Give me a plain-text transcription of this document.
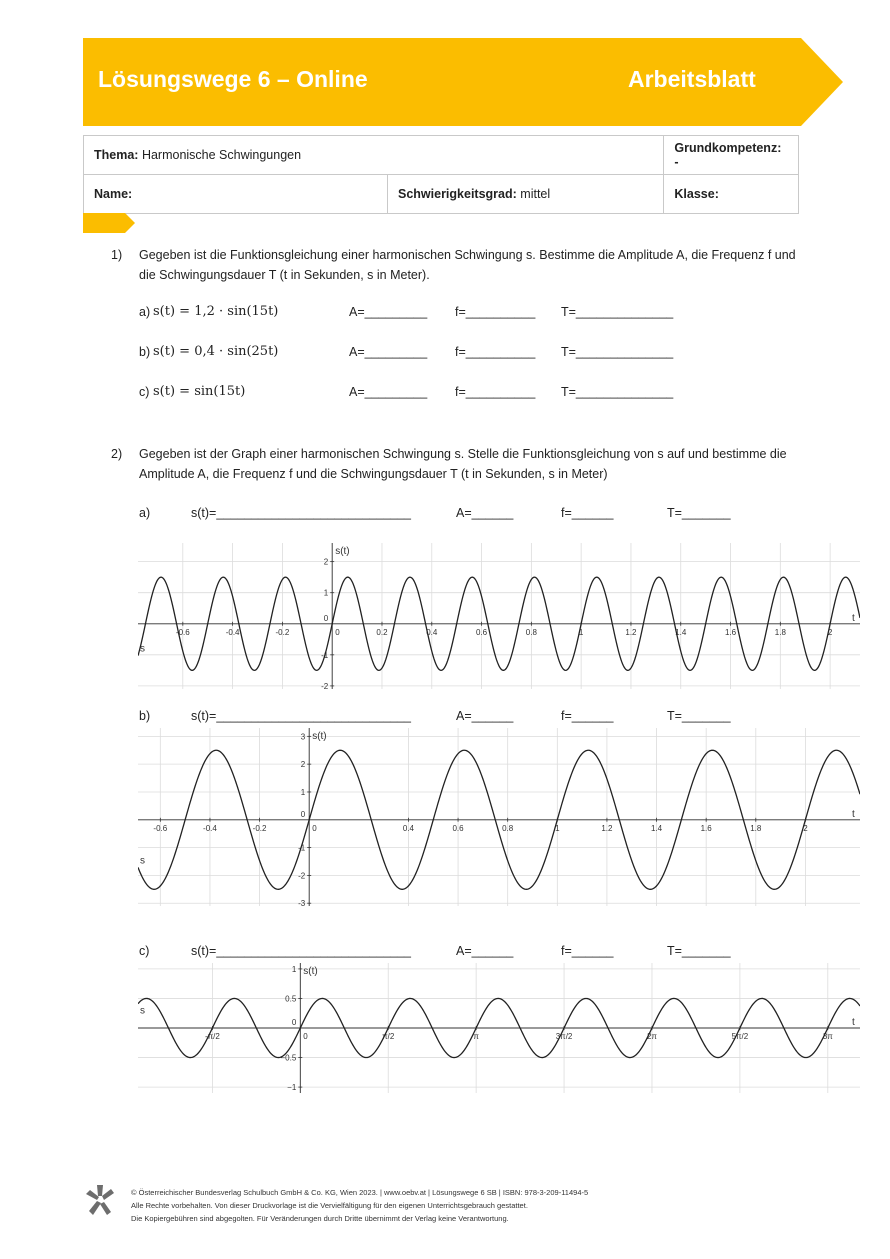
Lösungswege 6 – Online	Arbeitsblatt
Thema: Harmonische Schwingungen		Grundkompetenz: -
Name:	Schwierigkeitsgrad: mittel	Klasse:
1) Gegeben ist die Funktionsgleichung einer harmonischen Schwingung s. Bestimme die Amplitude A, die Frequenz f und die Schwingungsdauer T (t in Sekunden, s in Meter).
a) s(t) = 1,2 · sin(15t)	A=_________ f=__________ T=______________
b) s(t) = 0,4 · sin(25t)	A=_________ f=__________ T=______________
c) s(t) = sin(15t)	A=_________ f=__________ T=______________
2) Gegeben ist der Graph einer harmonischen Schwingung s. Stelle die Funktionsgleichung von s auf und bestimme die Amplitude A, die Frequenz f und die Schwingungsdauer T (t in Sekunden, s in Meter)
a)	s(t)=____________________________	A=______	f=______	T=_______
-0.6	-0.4	-0.2	0	0.2	0.4	0.6	0.8	1	1.2	1.4	1.6	1.8	2
-2
-1
0
1
2
s(t)
t
s
b)	s(t)=____________________________	A=______	f=______	T=_______
-0.6	-0.4	-0.2	0	0.4	0.6	0.8	1	1.2	1.4	1.6	1.8	2
-3
-2
-1
0
1
2
3 s(t)
t
s
c)	s(t)=____________________________	A=______	f=______	T=_______
-π/2	0	π/2	π	3π/2	2π	5π/2	3π
−1
−0.5
0
0.5
1 s(t)
t
s
© Österreichischer Bundesverlag Schulbuch GmbH & Co. KG, Wien 2023. | www.oebv.at | Lösungswege 6 SB | ISBN: 978-3-209-11494-5
Alle Rechte vorbehalten. Von dieser Druckvorlage ist die Vervielfältigung für den eigenen Unterrichtsgebrauch gestattet.
Die Kopiergebühren sind abgegolten. Für Veränderungen durch Dritte übernimmt der Verlag keine Verantwortung.
